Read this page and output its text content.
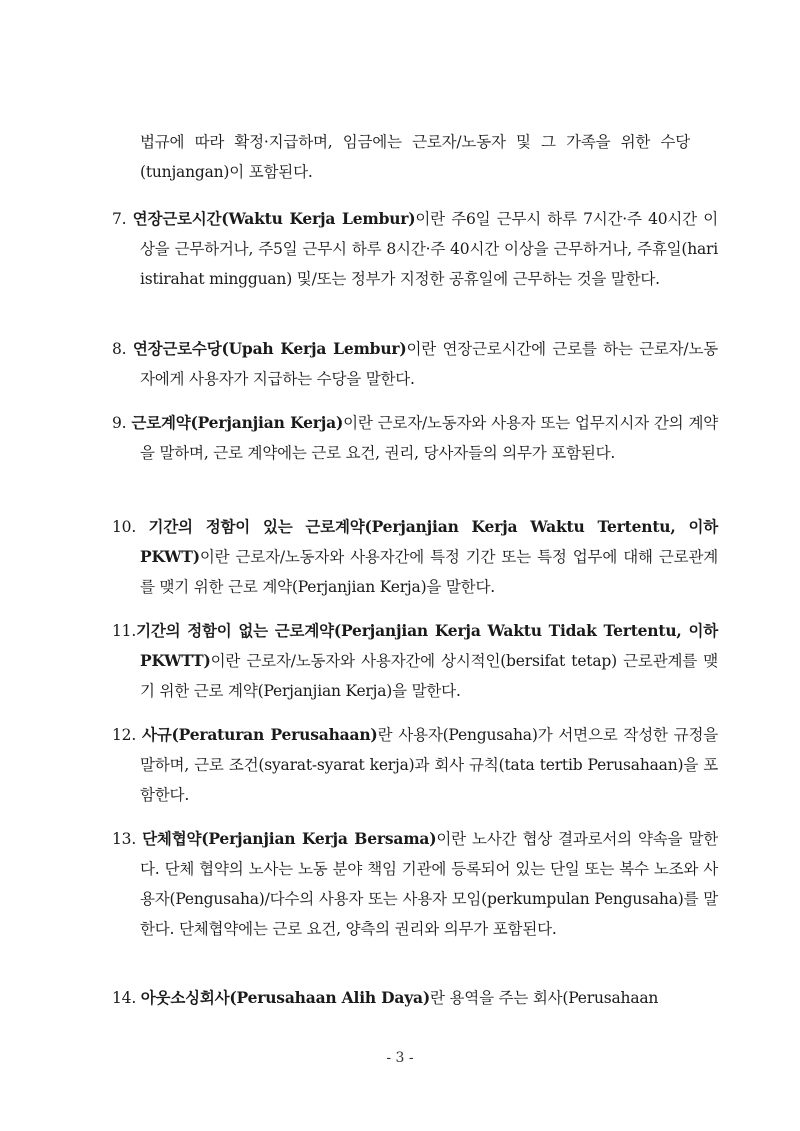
법규에 따라 확정·지급하며, 임금에는 근로자/노동자 및 그 가족을 위한 수당(tunjangan)이 포함된다.
7. 연장근로시간(Waktu Kerja Lembur)이란 주6일 근무시 하루 7시간·주 40시간 이상을 근무하거나, 주5일 근무시 하루 8시간·주 40시간 이상을 근무하거나, 주휴일(hari istirahat mingguan) 및/또는 정부가 지정한 공휴일에 근무하는 것을 말한다.
8. 연장근로수당(Upah Kerja Lembur)이란 연장근로시간에 근로를 하는 근로자/노동자에게 사용자가 지급하는 수당을 말한다.
9. 근로계약(Perjanjian Kerja)이란 근로자/노동자와 사용자 또는 업무지시자 간의 계약을 말하며, 근로 계약에는 근로 요건, 권리, 당사자들의 의무가 포함된다.
10. 기간의 정함이 있는 근로계약(Perjanjian Kerja Waktu Tertentu, 이하 PKWT)이란 근로자/노동자와 사용자간에 특정 기간 또는 특정 업무에 대해 근로관계를 맺기 위한 근로 계약(Perjanjian Kerja)을 말한다.
11.기간의 정함이 없는 근로계약(Perjanjian Kerja Waktu Tidak Tertentu, 이하 PKWTT)이란 근로자/노동자와 사용자간에 상시적인(bersifat tetap) 근로관계를 맺기 위한 근로 계약(Perjanjian Kerja)을 말한다.
12. 사규(Peraturan Perusahaan)란 사용자(Pengusaha)가 서면으로 작성한 규정을 말하며, 근로 조건(syarat-syarat kerja)과 회사 규칙(tata tertib Perusahaan)을 포함한다.
13. 단체협약(Perjanjian Kerja Bersama)이란 노사간 협상 결과로서의 약속을 말한다. 단체 협약의 노사는 노동 분야 책임 기관에 등록되어 있는 단일 또는 복수 노조와 사용자(Pengusaha)/다수의 사용자 또는 사용자 모임(perkumpulan Pengusaha)를 말한다. 단체협약에는 근로 요건, 양측의 권리와 의무가 포함된다.
14. 아웃소싱회사(Perusahaan Alih Daya)란 용역을 주는 회사(Perusahaan
- 3 -
